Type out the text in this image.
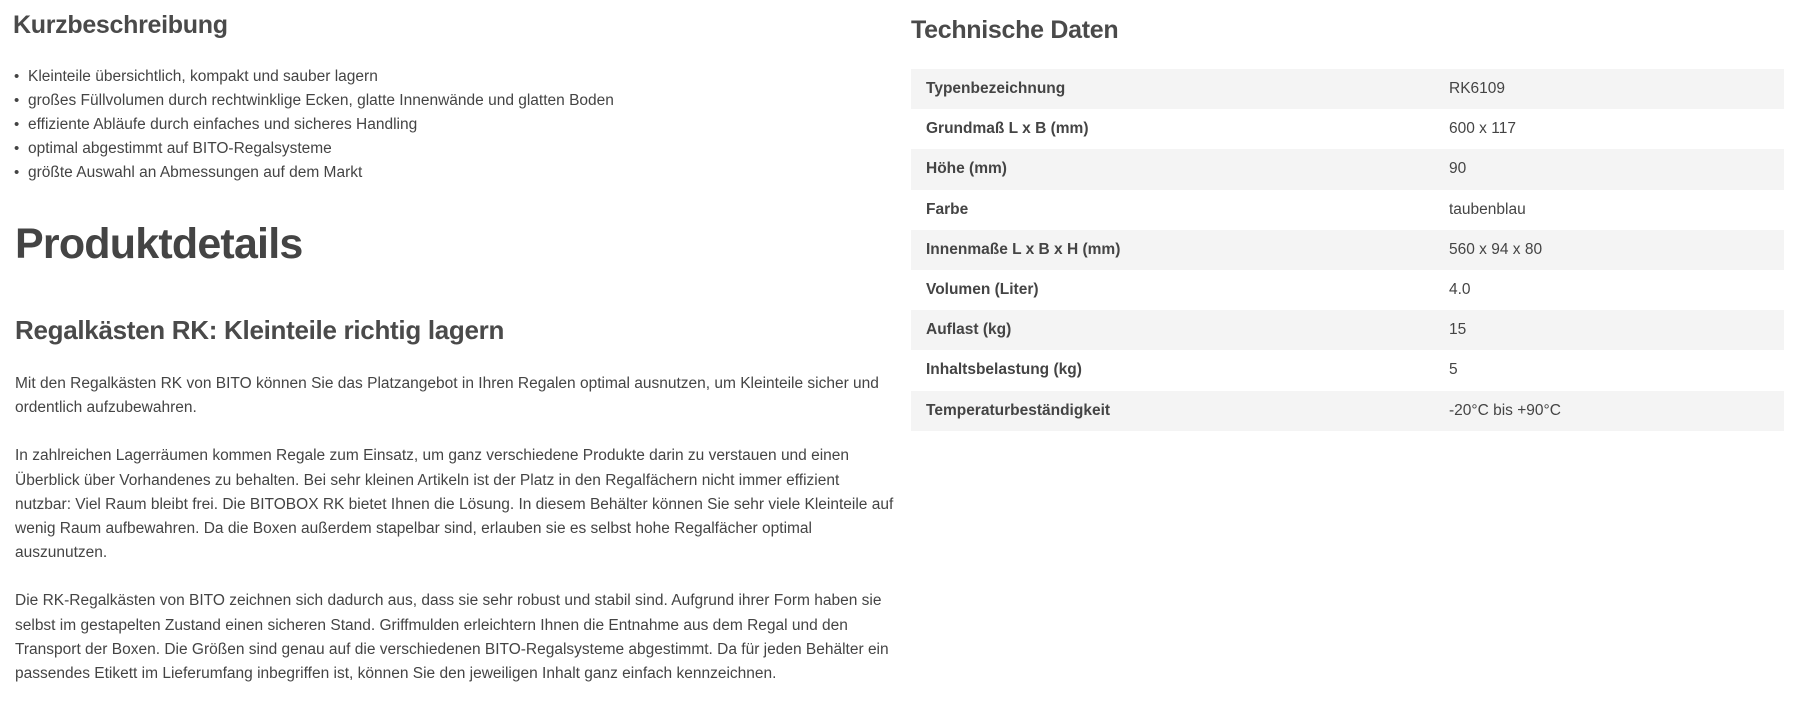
Kurzbeschreibung
• Kleinteile übersichtlich, kompakt und sauber lagern
• großes Füllvolumen durch rechtwinklige Ecken, glatte Innenwände und glatten Boden
• effiziente Abläufe durch einfaches und sicheres Handling
• optimal abgestimmt auf BITO-Regalsysteme
• größte Auswahl an Abmessungen auf dem Markt
Produktdetails
Regalkästen RK: Kleinteile richtig lagern

Mit den Regalkästen RK von BITO können Sie das Platzangebot in Ihren Regalen optimal ausnutzen, um Kleinteile sicher und ordentlich aufzubewahren.

In zahlreichen Lagerräumen kommen Regale zum Einsatz, um ganz verschiedene Produkte darin zu verstauen und einen Überblick über Vorhandenes zu behalten. Bei sehr kleinen Artikeln ist der Platz in den Regalfächern nicht immer effizient nutzbar: Viel Raum bleibt frei. Die BITOBOX RK bietet Ihnen die Lösung. In diesem Behälter können Sie sehr viele Kleinteile auf wenig Raum aufbewahren. Da die Boxen außerdem stapelbar sind, erlauben sie es selbst hohe Regalfächer optimal auszunutzen.

Die RK-Regalkästen von BITO zeichnen sich dadurch aus, dass sie sehr robust und stabil sind. Aufgrund ihrer Form haben sie selbst im gestapelten Zustand einen sicheren Stand. Griffmulden erleichtern Ihnen die Entnahme aus dem Regal und den Transport der Boxen. Die Größen sind genau auf die verschiedenen BITO-Regalsysteme abgestimmt. Da für jeden Behälter ein passendes Etikett im Lieferumfang inbegriffen ist, können Sie den jeweiligen Inhalt ganz einfach kennzeichnen.

Technische Daten
Typenbezeichnung	RK6109
Grundmaß L x B (mm)	600 x 117
Höhe (mm)	90
Farbe	taubenblau
Innenmaße L x B x H (mm)	560 x 94 x 80
Volumen (Liter)	4.0
Auflast (kg)	15
Inhaltsbelastung (kg)	5
Temperaturbeständigkeit	-20°C bis +90°C
